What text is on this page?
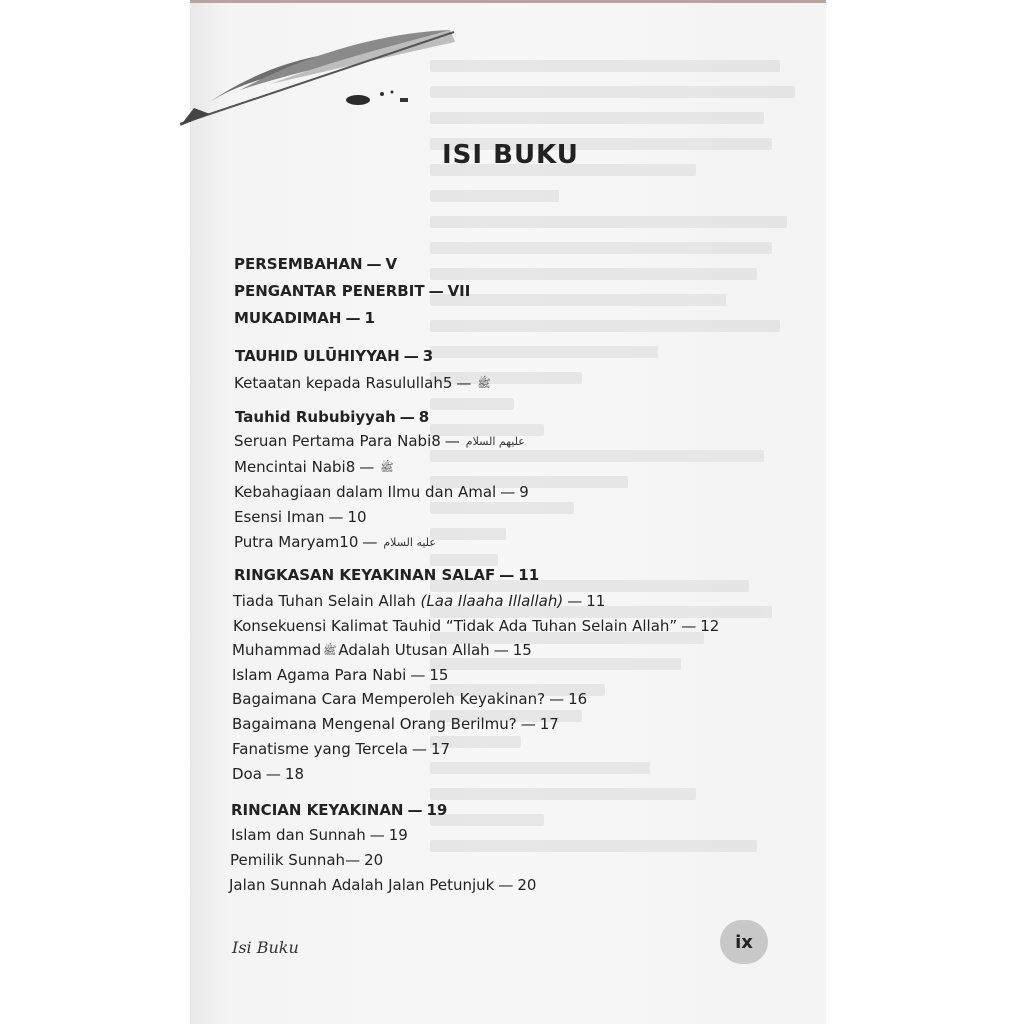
ISI BUKU
PERSEMBAHAN — V
PENGANTAR PENERBIT — VII
MUKADIMAH — 1
TAUHID ULŪHIYYAH — 3
Ketaatan kepada Rasulullah	ﷺ—5
Tauhid Rububiyyah — 8
Seruan Pertama Para Nabi	عليهم السلام—8
Mencintai Nabi	ﷺ—8
Kebahagiaan dalam Ilmu dan Amal — 9
Esensi Iman — 10
Putra Maryam	عليه السلام—10
RINGKASAN KEYAKINAN SALAF — 11
Tiada Tuhan Selain Allah (Laa Ilaaha Illallah) — 11
Konsekuensi Kalimat Tauhid “Tidak Ada Tuhan Selain Allah” — 12
Muhammad ﷺ Adalah Utusan Allah — 15
Islam Agama Para Nabi — 15
Bagaimana Cara Memperoleh Keyakinan? — 16
Bagaimana Mengenal Orang Berilmu? — 17
Fanatisme yang Tercela — 17
Doa — 18
RINCIAN KEYAKINAN — 19
Islam dan Sunnah — 19
Pemilik Sunnah— 20
Jalan Sunnah Adalah Jalan Petunjuk — 20
Isi Buku	ix
